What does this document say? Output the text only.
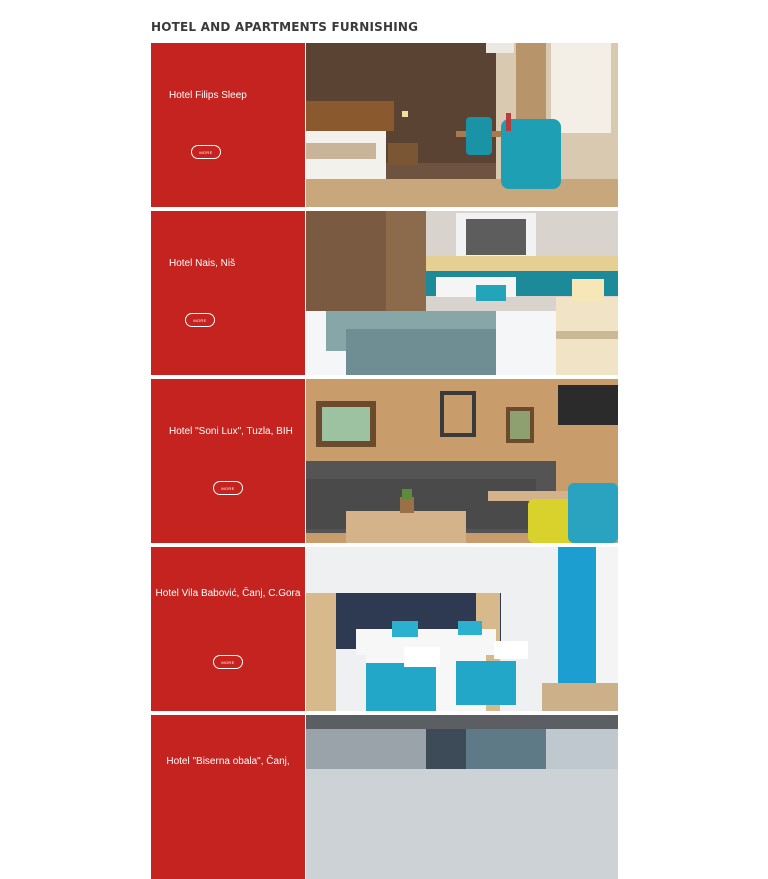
HOTEL AND APARTMENTS FURNISHING
Hotel Filips Sleep
MORE
Hotel Nais, Niš
MORE
Hotel "Soni Lux", Tuzla, BIH
MORE
Hotel Vila Babović, Čanj, C.Gora
MORE
Hotel "Biserna obala", Čanj,
